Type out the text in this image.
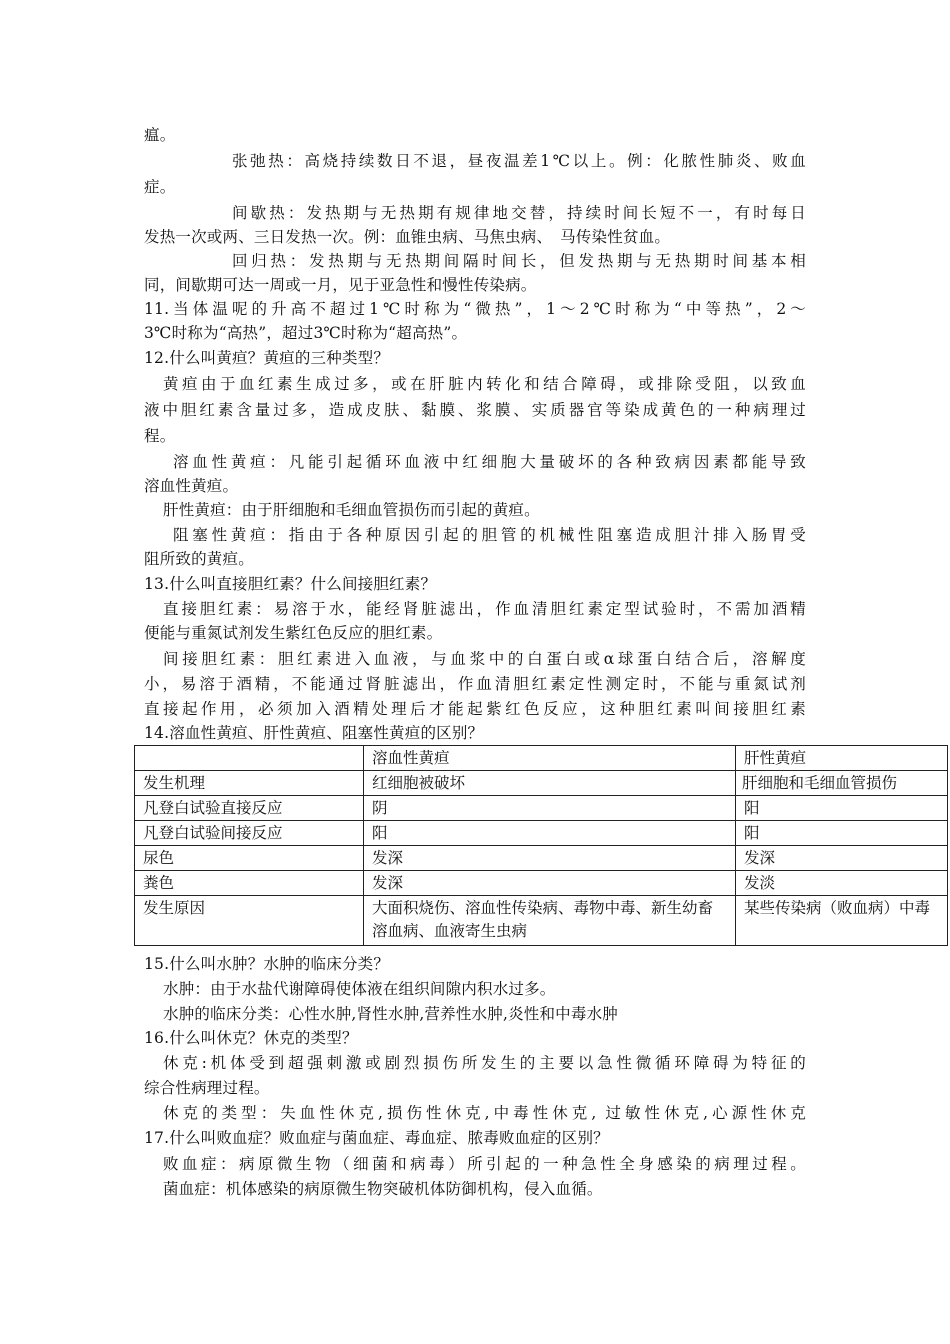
瘟。
张弛热：高烧持续数日不退，昼夜温差1℃以上。例：化脓性肺炎、败血
症。
间歇热：发热期与无热期有规律地交替，持续时间长短不一，有时每日
发热一次或两、三日发热一次。例：血锥虫病、马焦虫病、　马传染性贫血。
回归热：发热期与无热期间隔时间长，但发热期与无热期时间基本相
同，间歇期可达一周或一月，见于亚急性和慢性传染病。
11.当体温呢的升高不超过1℃时称为“微热”，1～2℃时称为“中等热”，2～
3℃时称为“高热”，超过3℃时称为“超高热”。
12.什么叫黄疸？黄疸的三种类型？
黄疸由于血红素生成过多，或在肝脏内转化和结合障碍，或排除受阻，以致血
液中胆红素含量过多，造成皮肤、黏膜、浆膜、实质器官等染成黄色的一种病理过
程。
溶血性黄疸：凡能引起循环血液中红细胞大量破坏的各种致病因素都能导致
溶血性黄疸。
肝性黄疸：由于肝细胞和毛细血管损伤而引起的黄疸。
阻塞性黄疸：指由于各种原因引起的胆管的机械性阻塞造成胆汁排入肠胃受
阻所致的黄疸。
13.什么叫直接胆红素？什么间接胆红素？
直接胆红素：易溶于水，能经肾脏滤出，作血清胆红素定型试验时，不需加酒精
便能与重氮试剂发生紫红色反应的胆红素。
间接胆红素：胆红素进入血液，与血浆中的白蛋白或α球蛋白结合后，溶解度
小，易溶于酒精，不能通过肾脏滤出，作血清胆红素定性测定时，不能与重氮试剂
直接起作用，必须加入酒精处理后才能起紫红色反应，这种胆红素叫间接胆红素
14.溶血性黄疸、肝性黄疸、阻塞性黄疸的区别？
	溶血性黄疸	肝性黄疸
发生机理	红细胞被破坏	肝细胞和毛细血管损伤
凡登白试验直接反应	阴	阳
凡登白试验间接反应	阳	阳
尿色	发深	发深
粪色	发深	发淡
发生原因	大面积烧伤、溶血性传染病、毒物中毒、新生幼畜溶血病、血液寄生虫病	某些传染病（败血病）中毒
15.什么叫水肿？水肿的临床分类？
水肿：由于水盐代谢障碍使体液在组织间隙内积水过多。
水肿的临床分类：心性水肿,肾性水肿,营养性水肿,炎性和中毒水肿
16.什么叫休克？休克的类型？
休克:机体受到超强刺激或剧烈损伤所发生的主要以急性微循环障碍为特征的
综合性病理过程。
休克的类型：失血性休克,损伤性休克,中毒性休克, 过敏性休克,心源性休克
17.什么叫败血症？败血症与菌血症、毒血症、脓毒败血症的区别？
败血症：病原微生物（细菌和病毒）所引起的一种急性全身感染的病理过程。
菌血症：机体感染的病原微生物突破机体防御机构，侵入血循。
